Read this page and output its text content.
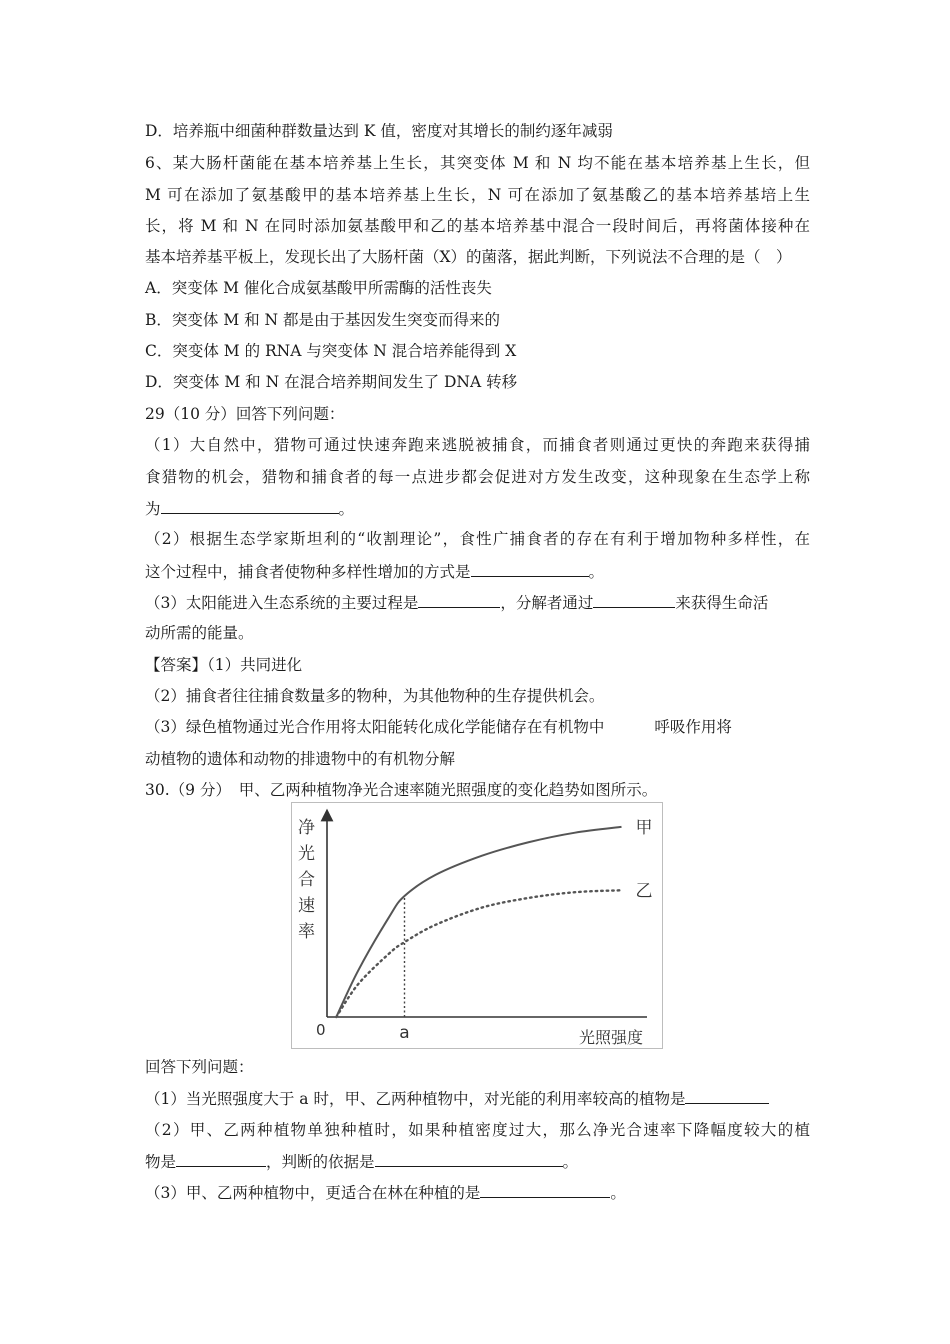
D．培养瓶中细菌种群数量达到 K 值，密度对其增长的制约逐年减弱
6、某大肠杆菌能在基本培养基上生长，其突变体 M 和 N 均不能在基本培养基上生长，但
M 可在添加了氨基酸甲的基本培养基上生长，N 可在添加了氨基酸乙的基本培养基培上生
长，将 M 和 N 在同时添加氨基酸甲和乙的基本培养基中混合一段时间后，再将菌体接种在
基本培养基平板上，发现长出了大肠杆菌（X）的菌落，据此判断，下列说法不合理的是（　）
A．突变体 M 催化合成氨基酸甲所需酶的活性丧失
B．突变体 M 和 N 都是由于基因发生突变而得来的
C．突变体 M 的 RNA 与突变体 N 混合培养能得到 X
D．突变体 M 和 N 在混合培养期间发生了 DNA 转移
29（10 分）回答下列问题：
（1）大自然中，猎物可通过快速奔跑来逃脱被捕食，而捕食者则通过更快的奔跑来获得捕
食猎物的机会，猎物和捕食者的每一点进步都会促进对方发生改变，这种现象在生态学上称
为	。
（2）根据生态学家斯坦利的“收割理论”，食性广捕食者的存在有利于增加物种多样性，在
这个过程中，捕食者使物种多样性增加的方式是	。
（3）太阳能进入生态系统的主要过程是	，分解者通过	来获得生命活
动所需的能量。
【答案】（1）共同进化
（2）捕食者往往捕食数量多的物种，为其他物种的生存提供机会。
（3）绿色植物通过光合作用将太阳能转化成化学能储存在有机物中	呼吸作用将
动植物的遗体和动物的排遗物中的有机物分解
30.（9 分）　甲、乙两种植物净光合速率随光照强度的变化趋势如图所示。
净
光
合
速
率
0	a	光照强度
甲
乙
回答下列问题：
（1）当光照强度大于 a 时，甲、乙两种植物中，对光能的利用率较高的植物是
（2）甲、乙两种植物单独种植时，如果种植密度过大，那么净光合速率下降幅度较大的植
物是	，判断的依据是	。
（3）甲、乙两种植物中，更适合在林在种植的是	。
